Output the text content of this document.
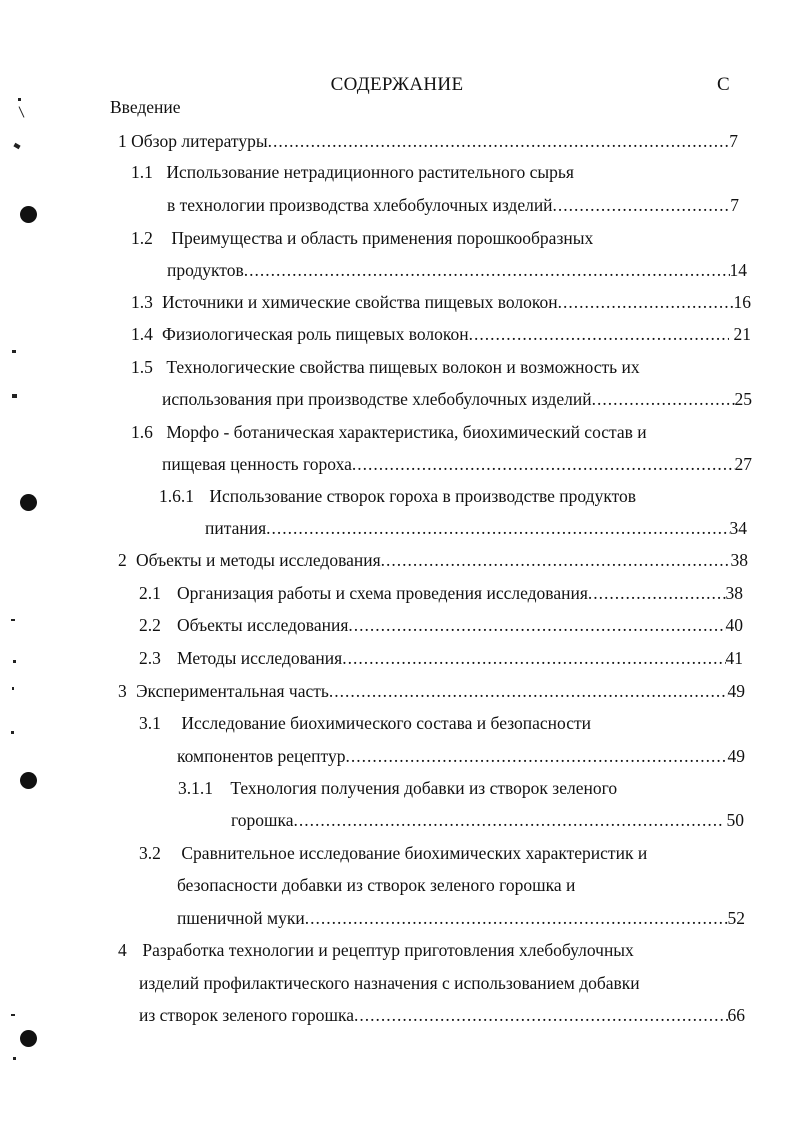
СОДЕРЖАНИЕ	С
Введение
1 Обзор литературы .....	7
1.1 Использование нетрадиционного растительного сырья
в технологии производства хлебобулочных изделий .....	7
1.2 Преимущества и область применения порошкообразных
продуктов .....	14
1.3 Источники и химические свойства пищевых волокон .....	16
1.4 Физиологическая роль пищевых волокон .....	21
1.5 Технологические свойства пищевых волокон и возможность их
использования при производстве хлебобулочных изделий .....	25
1.6 Морфо - ботаническая характеристика, биохимический состав и
пищевая ценность гороха .....	27
1.6.1 Использование створок гороха в производстве продуктов
питания .....	34
2 Объекты и методы исследования .....	38
2.1 Организация работы и схема проведения исследования .....	38
2.2 Объекты исследования .....	40
2.3 Методы исследования .....	41
3 Экспериментальная часть .....	49
3.1 Исследование биохимического состава и безопасности
компонентов рецептур .....	49
3.1.1 Технология получения добавки из створок зеленого
горошка .....	50
3.2 Сравнительное исследование биохимических характеристик и
безопасности добавки из створок зеленого горошка и
пшеничной муки .....	52
4 Разработка технологии и рецептур приготовления хлебобулочных
изделий профилактического назначения с использованием добавки
из створок зеленого горошка .....	66
